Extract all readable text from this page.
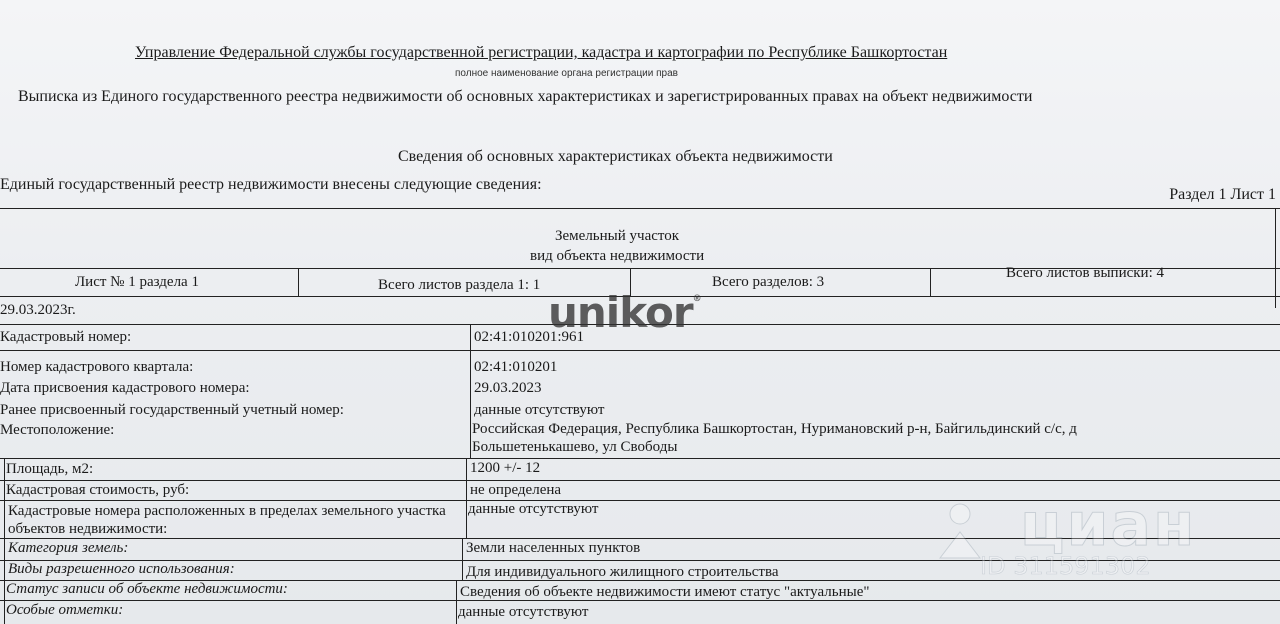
Управление Федеральной службы государственной регистрации, кадастра и картографии по Республике Башкортостан
полное наименование органа регистрации прав
Выписка из Единого государственного реестра недвижимости об основных характеристиках и зарегистрированных правах на объект недвижимости
Сведения об основных характеристиках объекта недвижимости
Единый государственный реестр недвижимости внесены следующие сведения:
Раздел 1 Лист 1
Земельный участок
вид объекта недвижимости
Лист № 1 раздела 1	Всего листов раздела 1: 1	Всего разделов: 3
Всего листов выписки: 4
29.03.2023г.
Кадастровый номер:	02:41:010201:961
Номер кадастрового квартала:	02:41:010201
Дата присвоения кадастрового номера:	29.03.2023
Ранее присвоенный государственный учетный номер:	данные отсутствуют
Местоположение:	Российская Федерация, Республика Башкортостан, Нуримановский р-н, Байгильдинский с/с, д Большетенькашево, ул Свободы
Площадь, м2:	1200 +/- 12
Кадастровая стоимость, руб:	не определена
Кадастровые номера расположенных в пределах земельного участка объектов недвижимости:
данные отсутствуют
Категория земель:	Земли населенных пунктов
Виды разрешенного использования:	Для индивидуального жилищного строительства
Статус записи об объекте недвижимости:	Сведения об объекте недвижимости имеют статус "актуальные"
Особые отметки:	данные отсутствуют
unikor®
циан
ID 311591302
